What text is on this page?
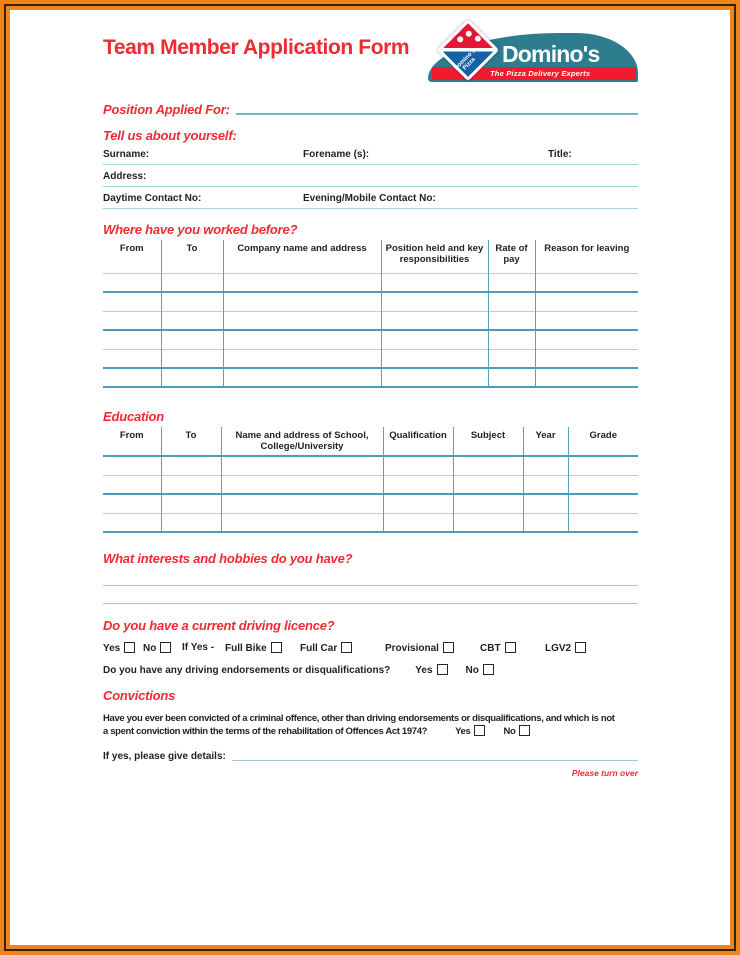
Team Member Application Form
The Pizza Delivery Experts
Domino's
Domino's Pizza
Position Applied For:
Tell us about yourself:
Surname:	Forename (s):	Title:
Address:
Daytime Contact No:	Evening/Mobile Contact No:
Where have you worked before?
From	To	Company name and address	Position held and key responsibilities	Rate of pay	Reason for leaving

Education
From	To	Name and address of School, College/University	Qualification	Subject	Year	Grade

What interests and hobbies do you have?
Do you have a current driving licence?
Yes	No	If Yes - Full Bike	Full Car	Provisional	CBT	LGV2
Do you have any driving endorsements or disqualifications?	Yes	No
Convictions
Have you ever been convicted of a criminal offence, other than driving endorsements or disqualifications, and which is not
a spent conviction within the terms of the rehabilitation of Offences Act 1974?	Yes	No
If yes, please give details:
Please turn over
